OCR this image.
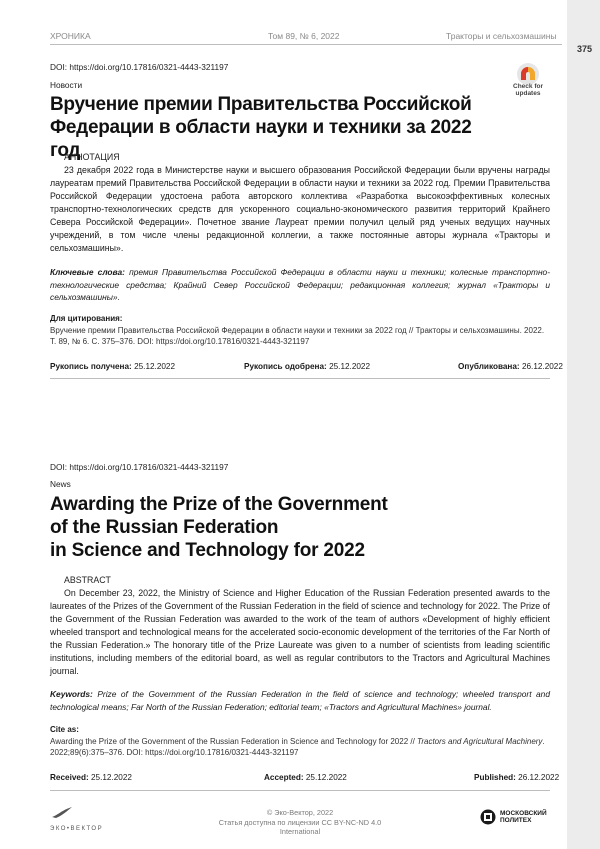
ХРОНИКА	Том 89, № 6, 2022	Тракторы и сельхозмашины
375
Check for
updates
DOI: https://doi.org/10.17816/0321-4443-321197
Новости
Вручение премии Правительства Российской Федерации в области науки и техники за 2022 год
АННОТАЦИЯ
23 декабря 2022 года в Министерстве науки и высшего образования Российской Федерации были вручены награды лауреатам премий Правительства Российской Федерации в области науки и техники за 2022 год. Премии Правительства Российской Федерации удостоена работа авторского коллектива «Разработка высокоэффективных колесных транспортно-технологических средств для ускоренного социально-экономического развития территорий Крайнего Севера Российской Федерации». Почетное звание Лауреат премии получил целый ряд ученых ведущих научных учреждений, в том числе члены редакционной коллегии, а также постоянные авторы журнала «Тракторы и сельхозмашины».
Ключевые слова: премия Правительства Российской Федерации в области науки и техники; колесные транспортно-технологические средства; Крайний Север Российской Федерации; редакционная коллегия; журнал «Тракторы и сельхозмашины».
Для цитирования:
Вручение премии Правительства Российской Федерации в области науки и техники за 2022 год // Тракторы и сельхозмашины. 2022. Т. 89, № 6. С. 375–376. DOI: https://doi.org/10.17816/0321-4443-321197
Рукопись получена: 25.12.2022	Рукопись одобрена: 25.12.2022	Опубликована: 26.12.2022
DOI: https://doi.org/10.17816/0321-4443-321197
News
Awarding the Prize of the Government
of the Russian Federation
in Science and Technology for 2022
ABSTRACT
On December 23, 2022, the Ministry of Science and Higher Education of the Russian Federation presented awards to the laureates of the Prizes of the Government of the Russian Federation in the field of science and technology for 2022. The Prize of the Government of the Russian Federation was awarded to the work of the team of authors «Development of highly efficient wheeled transport and technological means for the accelerated socio-economic development of the territories of the Far North of the Russian Federation.» The honorary title of the Prize Laureate was given to a number of scientists from leading scientific institutions, including members of the editorial board, as well as regular contributors to the Tractors and Agricultural Machines journal.
Keywords: Prize of the Government of the Russian Federation in the field of science and technology; wheeled transport and technological means; Far North of the Russian Federation; editorial team; «Tractors and Agricultural Machines» journal.
Cite as:
Awarding the Prize of the Government of the Russian Federation in Science and Technology for 2022 // Tractors and Agricultural Machinery. 2022;89(6):375–376. DOI: https://doi.org/10.17816/0321-4443-321197
Received: 25.12.2022	Accepted: 25.12.2022	Published: 26.12.2022
ЭКО•ВЕКТОР
© Эко-Вектор, 2022
Статья доступна по лицензии CC BY-NC-ND 4.0 International
МОСКОВСКИЙ
ПОЛИТЕХ
